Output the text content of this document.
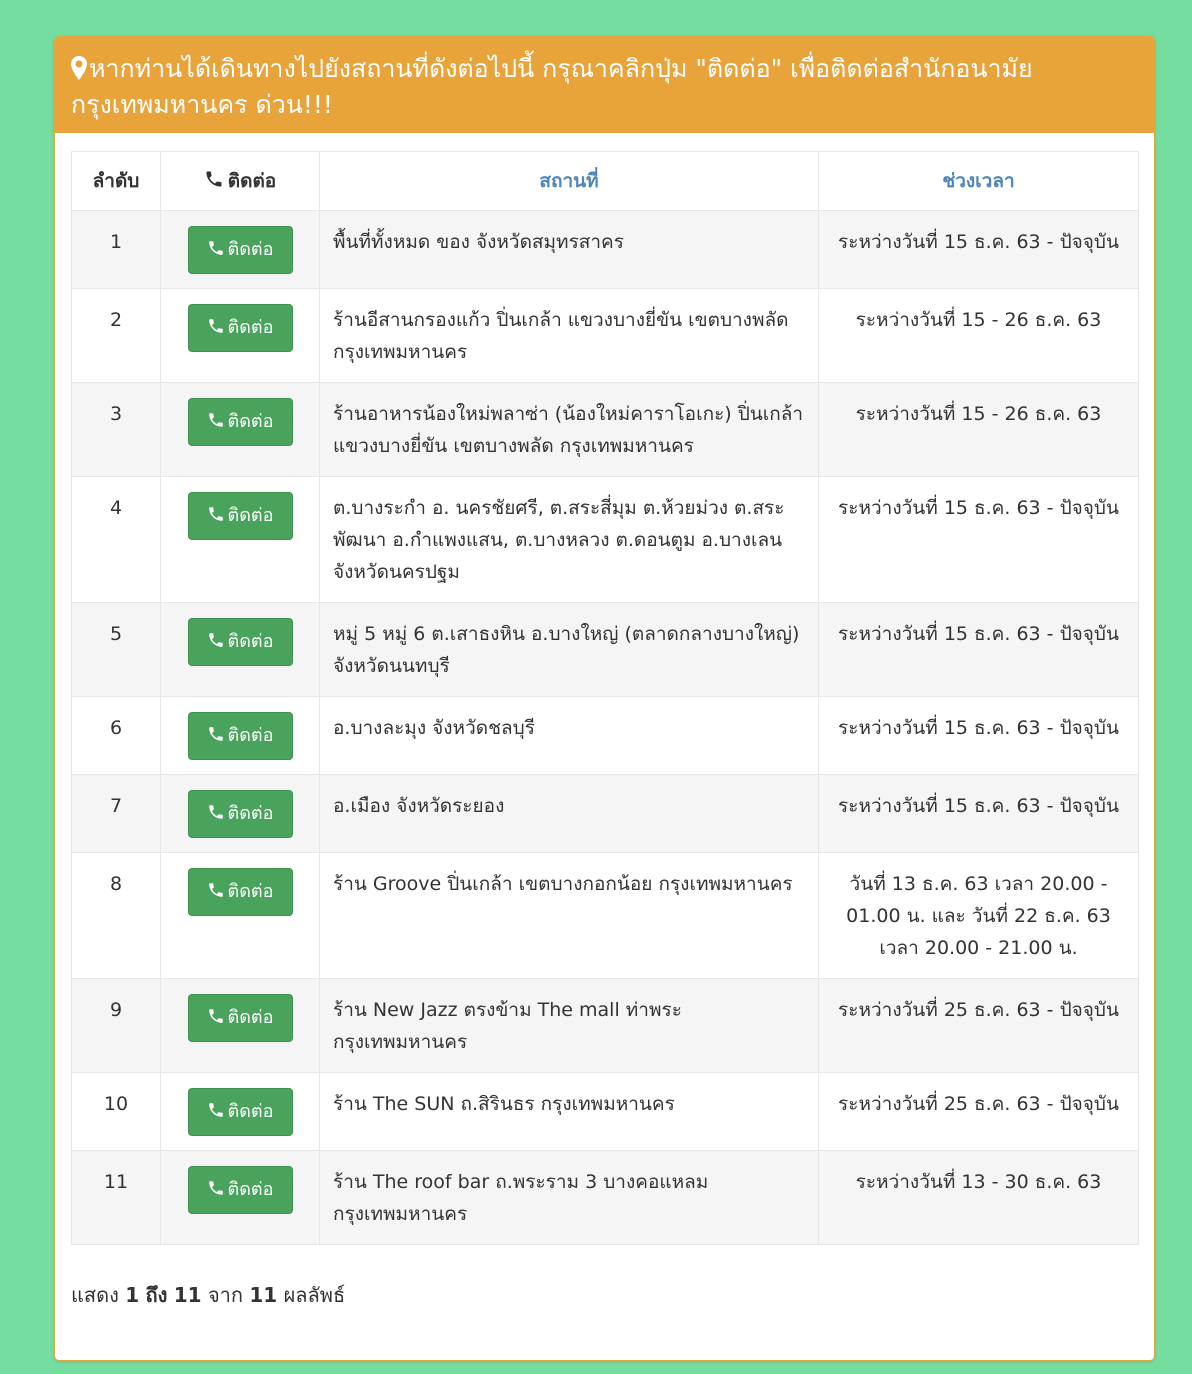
หากท่านได้เดินทางไปยังสถานที่ดังต่อไปนี้ กรุณาคลิกปุ่ม "ติดต่อ" เพื่อติดต่อสำนักอนามัย
กรุงเทพมหานคร ด่วน!!!
ลำดับ	ติดต่อ	สถานที่	ช่วงเวลา
1	ติดต่อ	พื้นที่ทั้งหมด ของ จังหวัดสมุทรสาคร	ระหว่างวันที่ 15 ธ.ค. 63 - ปัจจุบัน
2	ติดต่อ	ร้านอีสานกรองแก้ว ปิ่นเกล้า แขวงบางยี่ขัน เขตบางพลัด กรุงเทพมหานคร	ระหว่างวันที่ 15 - 26 ธ.ค. 63
3	ติดต่อ	ร้านอาหารน้องใหม่พลาซ่า (น้องใหม่คาราโอเกะ) ปิ่นเกล้า แขวงบางยี่ขัน เขตบางพลัด กรุงเทพมหานคร	ระหว่างวันที่ 15 - 26 ธ.ค. 63
4	ติดต่อ	ต.บางระกำ อ. นครชัยศรี, ต.สระสี่มุม ต.ห้วยม่วง ต.สระพัฒนา อ.กำแพงแสน, ต.บางหลวง ต.ดอนตูม อ.บางเลน จังหวัดนครปฐม	ระหว่างวันที่ 15 ธ.ค. 63 - ปัจจุบัน
5	ติดต่อ	หมู่ 5 หมู่ 6 ต.เสาธงหิน อ.บางใหญ่ (ตลาดกลางบางใหญ่) จังหวัดนนทบุรี	ระหว่างวันที่ 15 ธ.ค. 63 - ปัจจุบัน
6	ติดต่อ	อ.บางละมุง จังหวัดชลบุรี	ระหว่างวันที่ 15 ธ.ค. 63 - ปัจจุบัน
7	ติดต่อ	อ.เมือง จังหวัดระยอง	ระหว่างวันที่ 15 ธ.ค. 63 - ปัจจุบัน
8	ติดต่อ	ร้าน Groove ปิ่นเกล้า เขตบางกอกน้อย กรุงเทพมหานคร	วันที่ 13 ธ.ค. 63 เวลา 20.00 - 01.00 น. และ วันที่ 22 ธ.ค. 63 เวลา 20.00 - 21.00 น.
9	ติดต่อ	ร้าน New Jazz ตรงข้าม The mall ท่าพระ กรุงเทพมหานคร	ระหว่างวันที่ 25 ธ.ค. 63 - ปัจจุบัน
10	ติดต่อ	ร้าน The SUN ถ.สิรินธร กรุงเทพมหานคร	ระหว่างวันที่ 25 ธ.ค. 63 - ปัจจุบัน
11	ติดต่อ	ร้าน The roof bar ถ.พระราม 3 บางคอแหลม กรุงเทพมหานคร	ระหว่างวันที่ 13 - 30 ธ.ค. 63
แสดง 1 ถึง 11 จาก 11 ผลลัพธ์
